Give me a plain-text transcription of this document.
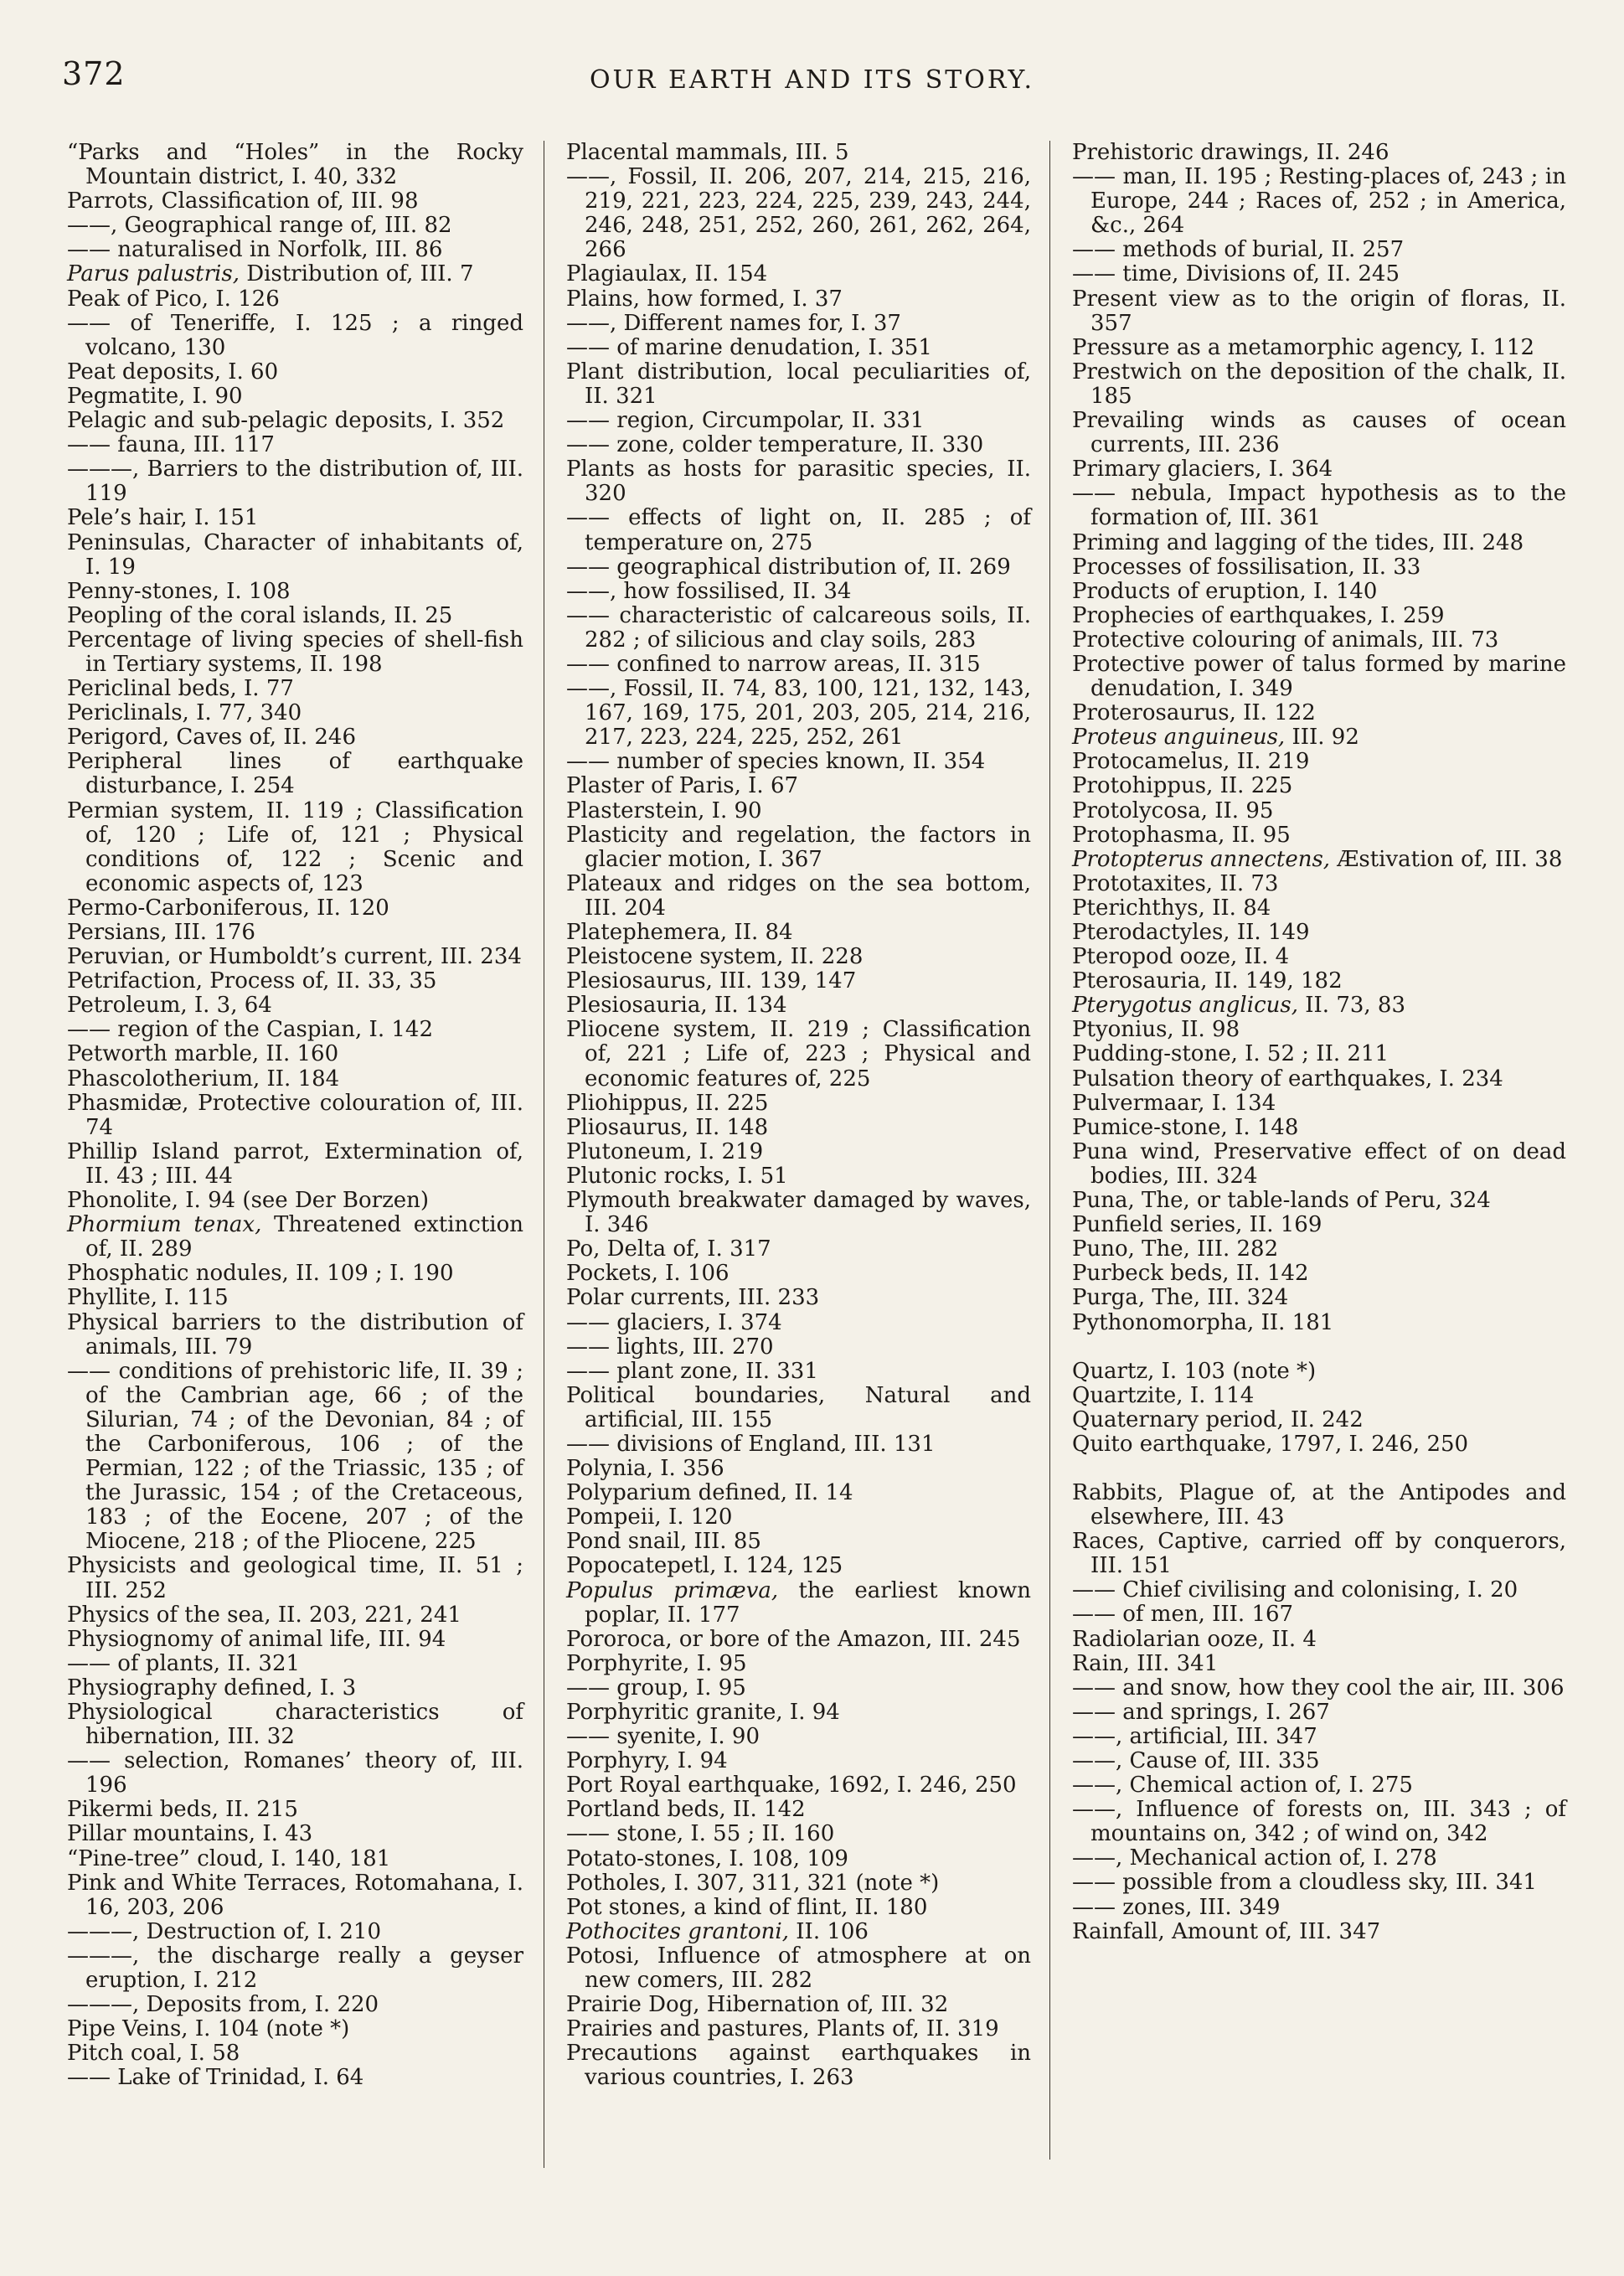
372	OUR EARTH AND ITS STORY.
“Parks and “Holes” in the Rocky Mountain district, I. 40, 332
Parrots, Classification of, III. 98
——, Geographical range of, III. 82
—— naturalised in Norfolk, III. 86
Parus palustris, Distribution of, III. 7
Peak of Pico, I. 126
—— of Teneriffe, I. 125 ; a ringed volcano, 130
Peat deposits, I. 60
Pegmatite, I. 90
Pelagic and sub-pelagic deposits, I. 352
—— fauna, III. 117
———, Barriers to the distribution of, III. 119
Pele’s hair, I. 151
Peninsulas, Character of inhabitants of, I. 19
Penny-stones, I. 108
Peopling of the coral islands, II. 25
Percentage of living species of shell-fish in Tertiary systems, II. 198
Periclinal beds, I. 77
Periclinals, I. 77, 340
Perigord, Caves of, II. 246
Peripheral lines of earthquake disturbance, I. 254
Permian system, II. 119 ; Classification of, 120 ; Life of, 121 ; Physical conditions of, 122 ; Scenic and economic aspects of, 123
Permo-Carboniferous, II. 120
Persians, III. 176
Peruvian, or Humboldt’s current, III. 234
Petrifaction, Process of, II. 33, 35
Petroleum, I. 3, 64
—— region of the Caspian, I. 142
Petworth marble, II. 160
Phascolotherium, II. 184
Phasmidæ, Protective colouration of, III. 74
Phillip Island parrot, Extermination of, II. 43 ; III. 44
Phonolite, I. 94 (see Der Borzen)
Phormium tenax, Threatened extinction of, II. 289
Phosphatic nodules, II. 109 ; I. 190
Phyllite, I. 115
Physical barriers to the distribution of animals, III. 79
—— conditions of prehistoric life, II. 39 ; of the Cambrian age, 66 ; of the Silurian, 74 ; of the Devonian, 84 ; of the Carboniferous, 106 ; of the Permian, 122 ; of the Triassic, 135 ; of the Jurassic, 154 ; of the Cretaceous, 183 ; of the Eocene, 207 ; of the Miocene, 218 ; of the Pliocene, 225
Physicists and geological time, II. 51 ; III. 252
Physics of the sea, II. 203, 221, 241
Physiognomy of animal life, III. 94
—— of plants, II. 321
Physiography defined, I. 3
Physiological characteristics of hibernation, III. 32
—— selection, Romanes’ theory of, III. 196
Pikermi beds, II. 215
Pillar mountains, I. 43
“Pine-tree” cloud, I. 140, 181
Pink and White Terraces, Rotomahana, I. 16, 203, 206
———, Destruction of, I. 210
———, the discharge really a geyser eruption, I. 212
———, Deposits from, I. 220
Pipe Veins, I. 104 (note *)
Pitch coal, I. 58
—— Lake of Trinidad, I. 64
Placental mammals, III. 5
——, Fossil, II. 206, 207, 214, 215, 216, 219, 221, 223, 224, 225, 239, 243, 244, 246, 248, 251, 252, 260, 261, 262, 264, 266
Plagiaulax, II. 154
Plains, how formed, I. 37
——, Different names for, I. 37
—— of marine denudation, I. 351
Plant distribution, local peculiarities of, II. 321
—— region, Circumpolar, II. 331
—— zone, colder temperature, II. 330
Plants as hosts for parasitic species, II. 320
—— effects of light on, II. 285 ; of temperature on, 275
—— geographical distribution of, II. 269
——, how fossilised, II. 34
—— characteristic of calcareous soils, II. 282 ; of silicious and clay soils, 283
—— confined to narrow areas, II. 315
——, Fossil, II. 74, 83, 100, 121, 132, 143, 167, 169, 175, 201, 203, 205, 214, 216, 217, 223, 224, 225, 252, 261
—— number of species known, II. 354
Plaster of Paris, I. 67
Plasterstein, I. 90
Plasticity and regelation, the factors in glacier motion, I. 367
Plateaux and ridges on the sea bottom, III. 204
Platephemera, II. 84
Pleistocene system, II. 228
Plesiosaurus, III. 139, 147
Plesiosauria, II. 134
Pliocene system, II. 219 ; Classification of, 221 ; Life of, 223 ; Physical and economic features of, 225
Pliohippus, II. 225
Pliosaurus, II. 148
Plutoneum, I. 219
Plutonic rocks, I. 51
Plymouth breakwater damaged by waves, I. 346
Po, Delta of, I. 317
Pockets, I. 106
Polar currents, III. 233
—— glaciers, I. 374
—— lights, III. 270
—— plant zone, II. 331
Political boundaries, Natural and artificial, III. 155
—— divisions of England, III. 131
Polynia, I. 356
Polyparium defined, II. 14
Pompeii, I. 120
Pond snail, III. 85
Popocatepetl, I. 124, 125
Populus primæva, the earliest known poplar, II. 177
Pororoca, or bore of the Amazon, III. 245
Porphyrite, I. 95
—— group, I. 95
Porphyritic granite, I. 94
—— syenite, I. 90
Porphyry, I. 94
Port Royal earthquake, 1692, I. 246, 250
Portland beds, II. 142
—— stone, I. 55 ; II. 160
Potato-stones, I. 108, 109
Potholes, I. 307, 311, 321 (note *)
Pot stones, a kind of flint, II. 180
Pothocites grantoni, II. 106
Potosi, Influence of atmosphere at on new comers, III. 282
Prairie Dog, Hibernation of, III. 32
Prairies and pastures, Plants of, II. 319
Precautions against earthquakes in various countries, I. 263
Prehistoric drawings, II. 246
—— man, II. 195 ; Resting-places of, 243 ; in Europe, 244 ; Races of, 252 ; in America, &c., 264
—— methods of burial, II. 257
—— time, Divisions of, II. 245
Present view as to the origin of floras, II. 357
Pressure as a metamorphic agency, I. 112
Prestwich on the deposition of the chalk, II. 185
Prevailing winds as causes of ocean currents, III. 236
Primary glaciers, I. 364
—— nebula, Impact hypothesis as to the formation of, III. 361
Priming and lagging of the tides, III. 248
Processes of fossilisation, II. 33
Products of eruption, I. 140
Prophecies of earthquakes, I. 259
Protective colouring of animals, III. 73
Protective power of talus formed by marine denudation, I. 349
Proterosaurus, II. 122
Proteus anguineus, III. 92
Protocamelus, II. 219
Protohippus, II. 225
Protolycosa, II. 95
Protophasma, II. 95
Protopterus annectens, Æstivation of, III. 38
Prototaxites, II. 73
Pterichthys, II. 84
Pterodactyles, II. 149
Pteropod ooze, II. 4
Pterosauria, II. 149, 182
Pterygotus anglicus, II. 73, 83
Ptyonius, II. 98
Pudding-stone, I. 52 ; II. 211
Pulsation theory of earthquakes, I. 234
Pulvermaar, I. 134
Pumice-stone, I. 148
Puna wind, Preservative effect of on dead bodies, III. 324
Puna, The, or table-lands of Peru, 324
Punfield series, II. 169
Puno, The, III. 282
Purbeck beds, II. 142
Purga, The, III. 324
Pythonomorpha, II. 181
Quartz, I. 103 (note *)
Quartzite, I. 114
Quaternary period, II. 242
Quito earthquake, 1797, I. 246, 250
Rabbits, Plague of, at the Antipodes and elsewhere, III. 43
Races, Captive, carried off by conquerors, III. 151
—— Chief civilising and colonising, I. 20
—— of men, III. 167
Radiolarian ooze, II. 4
Rain, III. 341
—— and snow, how they cool the air, III. 306
—— and springs, I. 267
——, artificial, III. 347
——, Cause of, III. 335
——, Chemical action of, I. 275
——, Influence of forests on, III. 343 ; of mountains on, 342 ; of wind on, 342
——, Mechanical action of, I. 278
—— possible from a cloudless sky, III. 341
—— zones, III. 349
Rainfall, Amount of, III. 347
